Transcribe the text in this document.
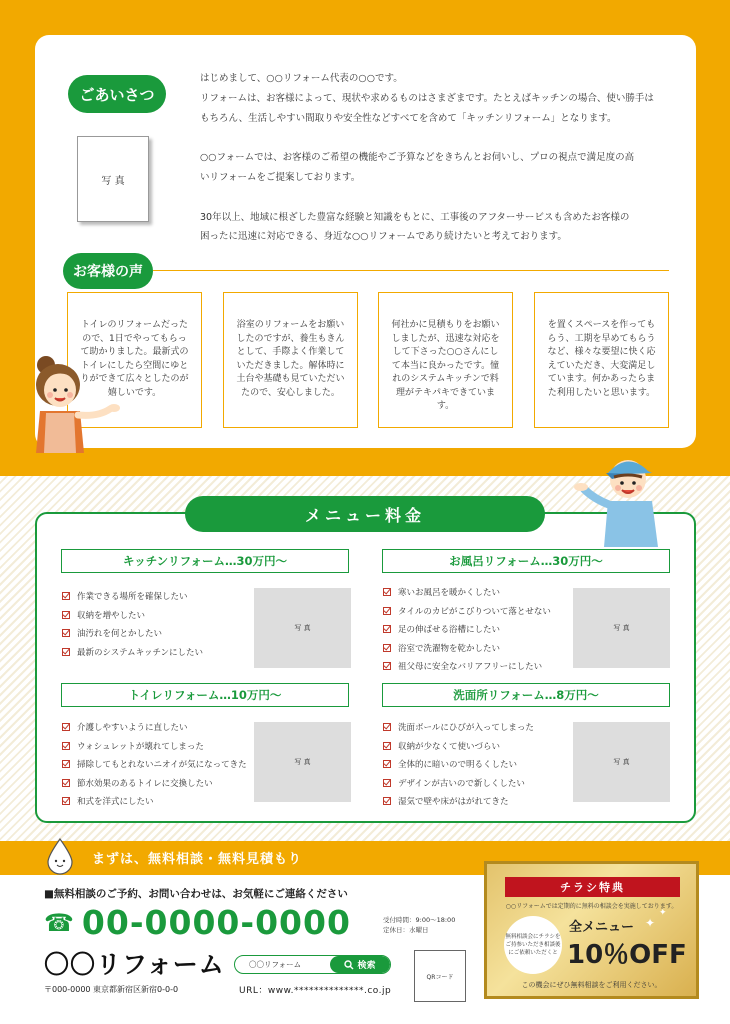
ごあいさつ
写 真

はじめまして、○○リフォーム代表の○○です。

リフォームは、お客様によって、現状や求めるものはさまざまです。たとえばキッチンの場合、使い勝手は

もちろん、生活しやすい間取りや安全性などすべてを含めて「キッチンリフォーム」となります。

○○フォームでは、お客様のご希望の機能やご予算などをきちんとお伺いし、プロの視点で満足度の高

いリフォームをご提案しております。

30年以上、地域に根ざした豊富な経験と知識をもとに、工事後のアフターサービスも含めたお客様の

困ったに迅速に対応できる、身近な○○リフォームであり続けたいと考えております。

お客様の声
トイレのリフォームだったので、1日でやってもらって助かりました。最新式のトイレにしたら空間にゆとりができて広々としたのが嬉しいです。
浴室のリフォームをお願いしたのですが、養生もきんとして、手際よく作業していただきました。解体時に土台や基礎も見ていただいたので、安心しました。
何社かに見積もりをお願いしましたが、迅速な対応をして下さった○○さんにして本当に良かったです。憧れのシステムキッチンで料理がテキパキできています。
を置くスペースを作ってもらう、工期を早めてもらうなど、様々な要望に快く応えていただき、大変満足しています。何かあったらまた利用したいと思います。
メニュー料金
キッチンリフォーム…30万円～
作業できる場所を確保したい
収納を増やしたい
油汚れを何とかしたい
最新のシステムキッチンにしたい
写 真
お風呂リフォーム…30万円～
寒いお風呂を暖かくしたい
タイルのカビがこびりついて落とせない
足の伸ばせる浴槽にしたい
浴室で洗濯物を乾かしたい
祖父母に安全なバリアフリーにしたい
写 真
トイレリフォーム…10万円～
介護しやすいように直したい
ウォシュレットが壊れてしまった
掃除してもとれないニオイが気になってきた
節水効果のあるトイレに交換したい
和式を洋式にしたい
写 真
洗面所リフォーム…8万円～
洗面ボールにひびが入ってしまった
収納が少なくて使いづらい
全体的に暗いので明るくしたい
デザインが古いので新しくしたい
湿気で壁や床がはがれてきた
写 真
まずは、無料相談・無料見積もり
■無料相談のご予約、お問い合わせは、お気軽にご連絡ください
☎ 00-0000-0000	受付時間：9:00～18:00
定休日：水曜日
〇〇リフォーム	〇〇リフォーム	検索
〒000-0000 東京都新宿区新宿0-0-0	URL：www.**************.co.jp
QRコード
チラシ特典
○○リフォームでは定期的に無料の相談会を実施しております。
無料相談会にチラシをご持参いただき相談後にご依頼いただくと
全メニュー ✦
✦
10％OFF
この機会にぜひ無料相談をご利用ください。
